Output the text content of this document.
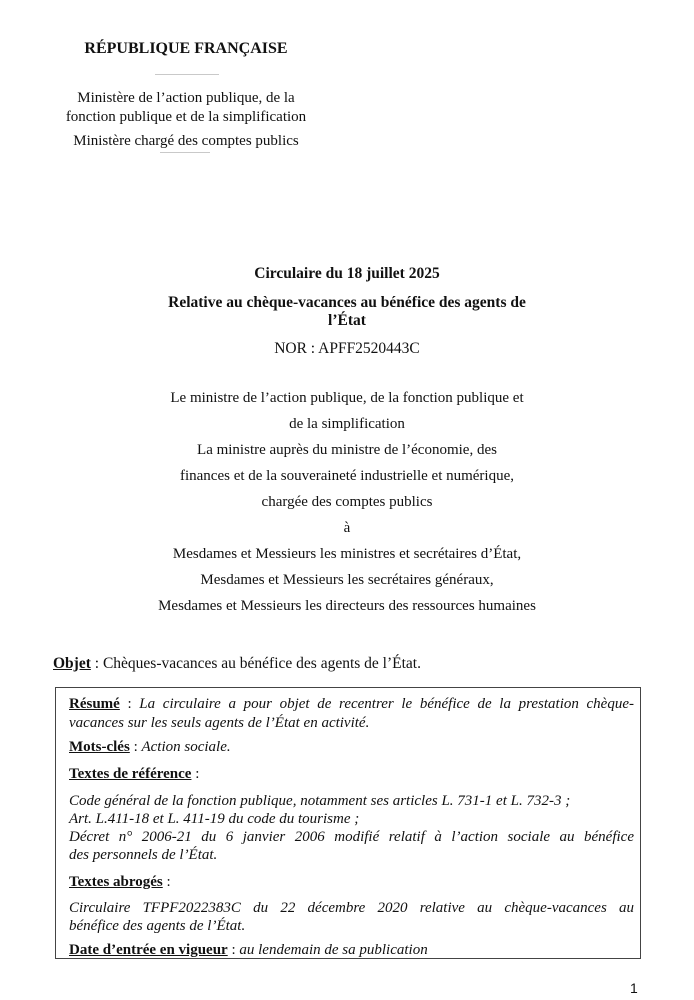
RÉPUBLIQUE FRANÇAISE
Ministère de l’action publique, de la
fonction publique et de la simplification
Ministère chargé des comptes publics
Circulaire du 18 juillet 2025
Relative au chèque-vacances au bénéfice des agents de
l’État
NOR : APFF2520443C
Le ministre de l’action publique, de la fonction publique et
de la simplification
La ministre auprès du ministre de l’économie, des
finances et de la souveraineté industrielle et numérique,
chargée des comptes publics
à
Mesdames et Messieurs les ministres et secrétaires d’État,
Mesdames et Messieurs les secrétaires généraux,
Mesdames et Messieurs les directeurs des ressources humaines
Objet : Chèques-vacances au bénéfice des agents de l’État.
Résumé : La circulaire a pour objet de recentrer le bénéfice de la prestation chèque-
vacances sur les seuls agents de l’État en activité.
Mots-clés : Action sociale.
Textes de référence :
Code général de la fonction publique, notamment ses articles L. 731-1 et L. 732-3 ;
Art. L.411-18 et L. 411-19 du code du tourisme ;
Décret n° 2006-21 du 6 janvier 2006 modifié relatif à l’action sociale au bénéfice
des personnels de l’État.
Textes abrogés :
Circulaire TFPF2022383C du 22 décembre 2020 relative au chèque-vacances au
bénéfice des agents de l’État.
Date d’entrée en vigueur : au lendemain de sa publication
1
